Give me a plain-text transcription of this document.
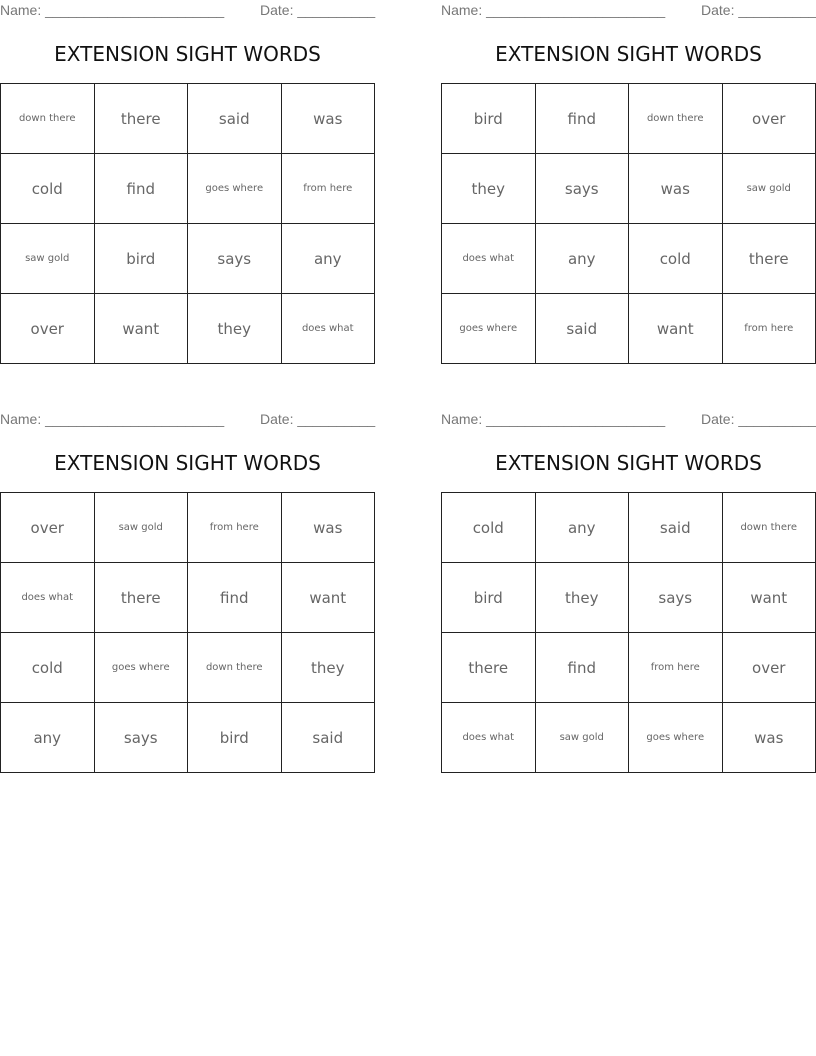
Name: _______________________	Date: __________
EXTENSION SIGHT WORDS
down there	there	said	was
cold	find	goes where	from here
saw gold	bird	says	any
over	want	they	does what
Name: _______________________	Date: __________
EXTENSION SIGHT WORDS
bird	find	down there	over
they	says	was	saw gold
does what	any	cold	there
goes where	said	want	from here
Name: _______________________	Date: __________
EXTENSION SIGHT WORDS
over	saw gold	from here	was
does what	there	find	want
cold	goes where	down there	they
any	says	bird	said
Name: _______________________	Date: __________
EXTENSION SIGHT WORDS
cold	any	said	down there
bird	they	says	want
there	find	from here	over
does what	saw gold	goes where	was
